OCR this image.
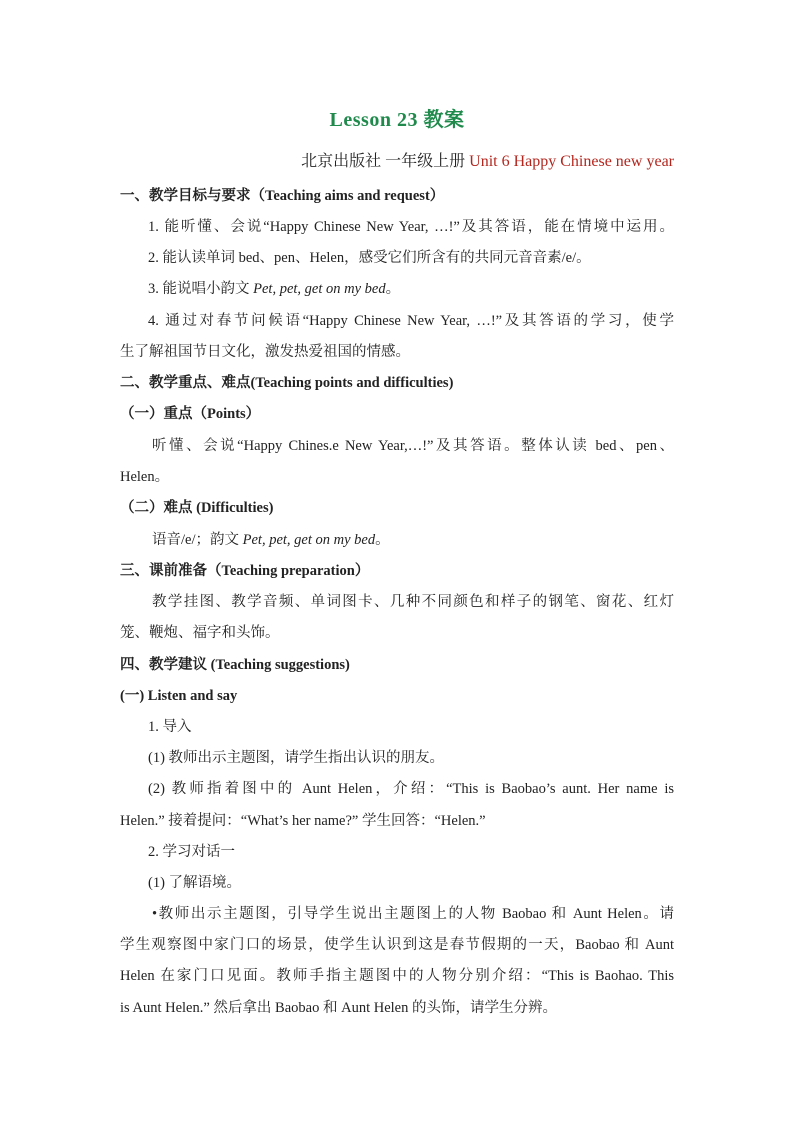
Lesson 23 教案
北京出版社 一年级上册 Unit 6 Happy Chinese new year
一、教学目标与要求（Teaching aims and request）
1. 能听懂、会说“Happy Chinese New Year, …!”及其答语，能在情境中运用。
2. 能认读单词 bed、pen、Helen，感受它们所含有的共同元音音素/e/。
3. 能说唱小韵文 Pet, pet, get on my bed。
4. 通过对春节问候语“Happy Chinese New Year, …!”及其答语的学习，使学
生了解祖国节日文化，激发热爱祖国的情感。
二、教学重点、难点(Teaching points and difficulties)
（一）重点（Points）
听懂、会说“Happy Chines.e New Year,…!”及其答语。整体认读 bed、pen、
Helen。
（二）难点 (Difficulties)
语音/e/；韵文 Pet, pet, get on my bed。
三、课前准备（Teaching preparation）
教学挂图、教学音频、单词图卡、几种不同颜色和样子的钢笔、窗花、红灯
笼、鞭炮、福字和头饰。
四、教学建议 (Teaching suggestions)
(一) Listen and say
1. 导入
(1) 教师出示主题图，请学生指出认识的朋友。
(2) 教师指着图中的 Aunt Helen，介绍：“This is Baobao’s aunt. Her name is
Helen.” 接着提问：“What’s her name?” 学生回答：“Helen.”
2. 学习对话一
(1) 了解语境。
•教师出示主题图，引导学生说出主题图上的人物 Baobao 和 Aunt Helen。请
学生观察图中家门口的场景，使学生认识到这是春节假期的一天，Baobao 和 Aunt
Helen 在家门口见面。教师手指主题图中的人物分别介绍：“This is Baohao. This
is Aunt Helen.” 然后拿出 Baobao 和 Aunt Helen 的头饰，请学生分辨。
